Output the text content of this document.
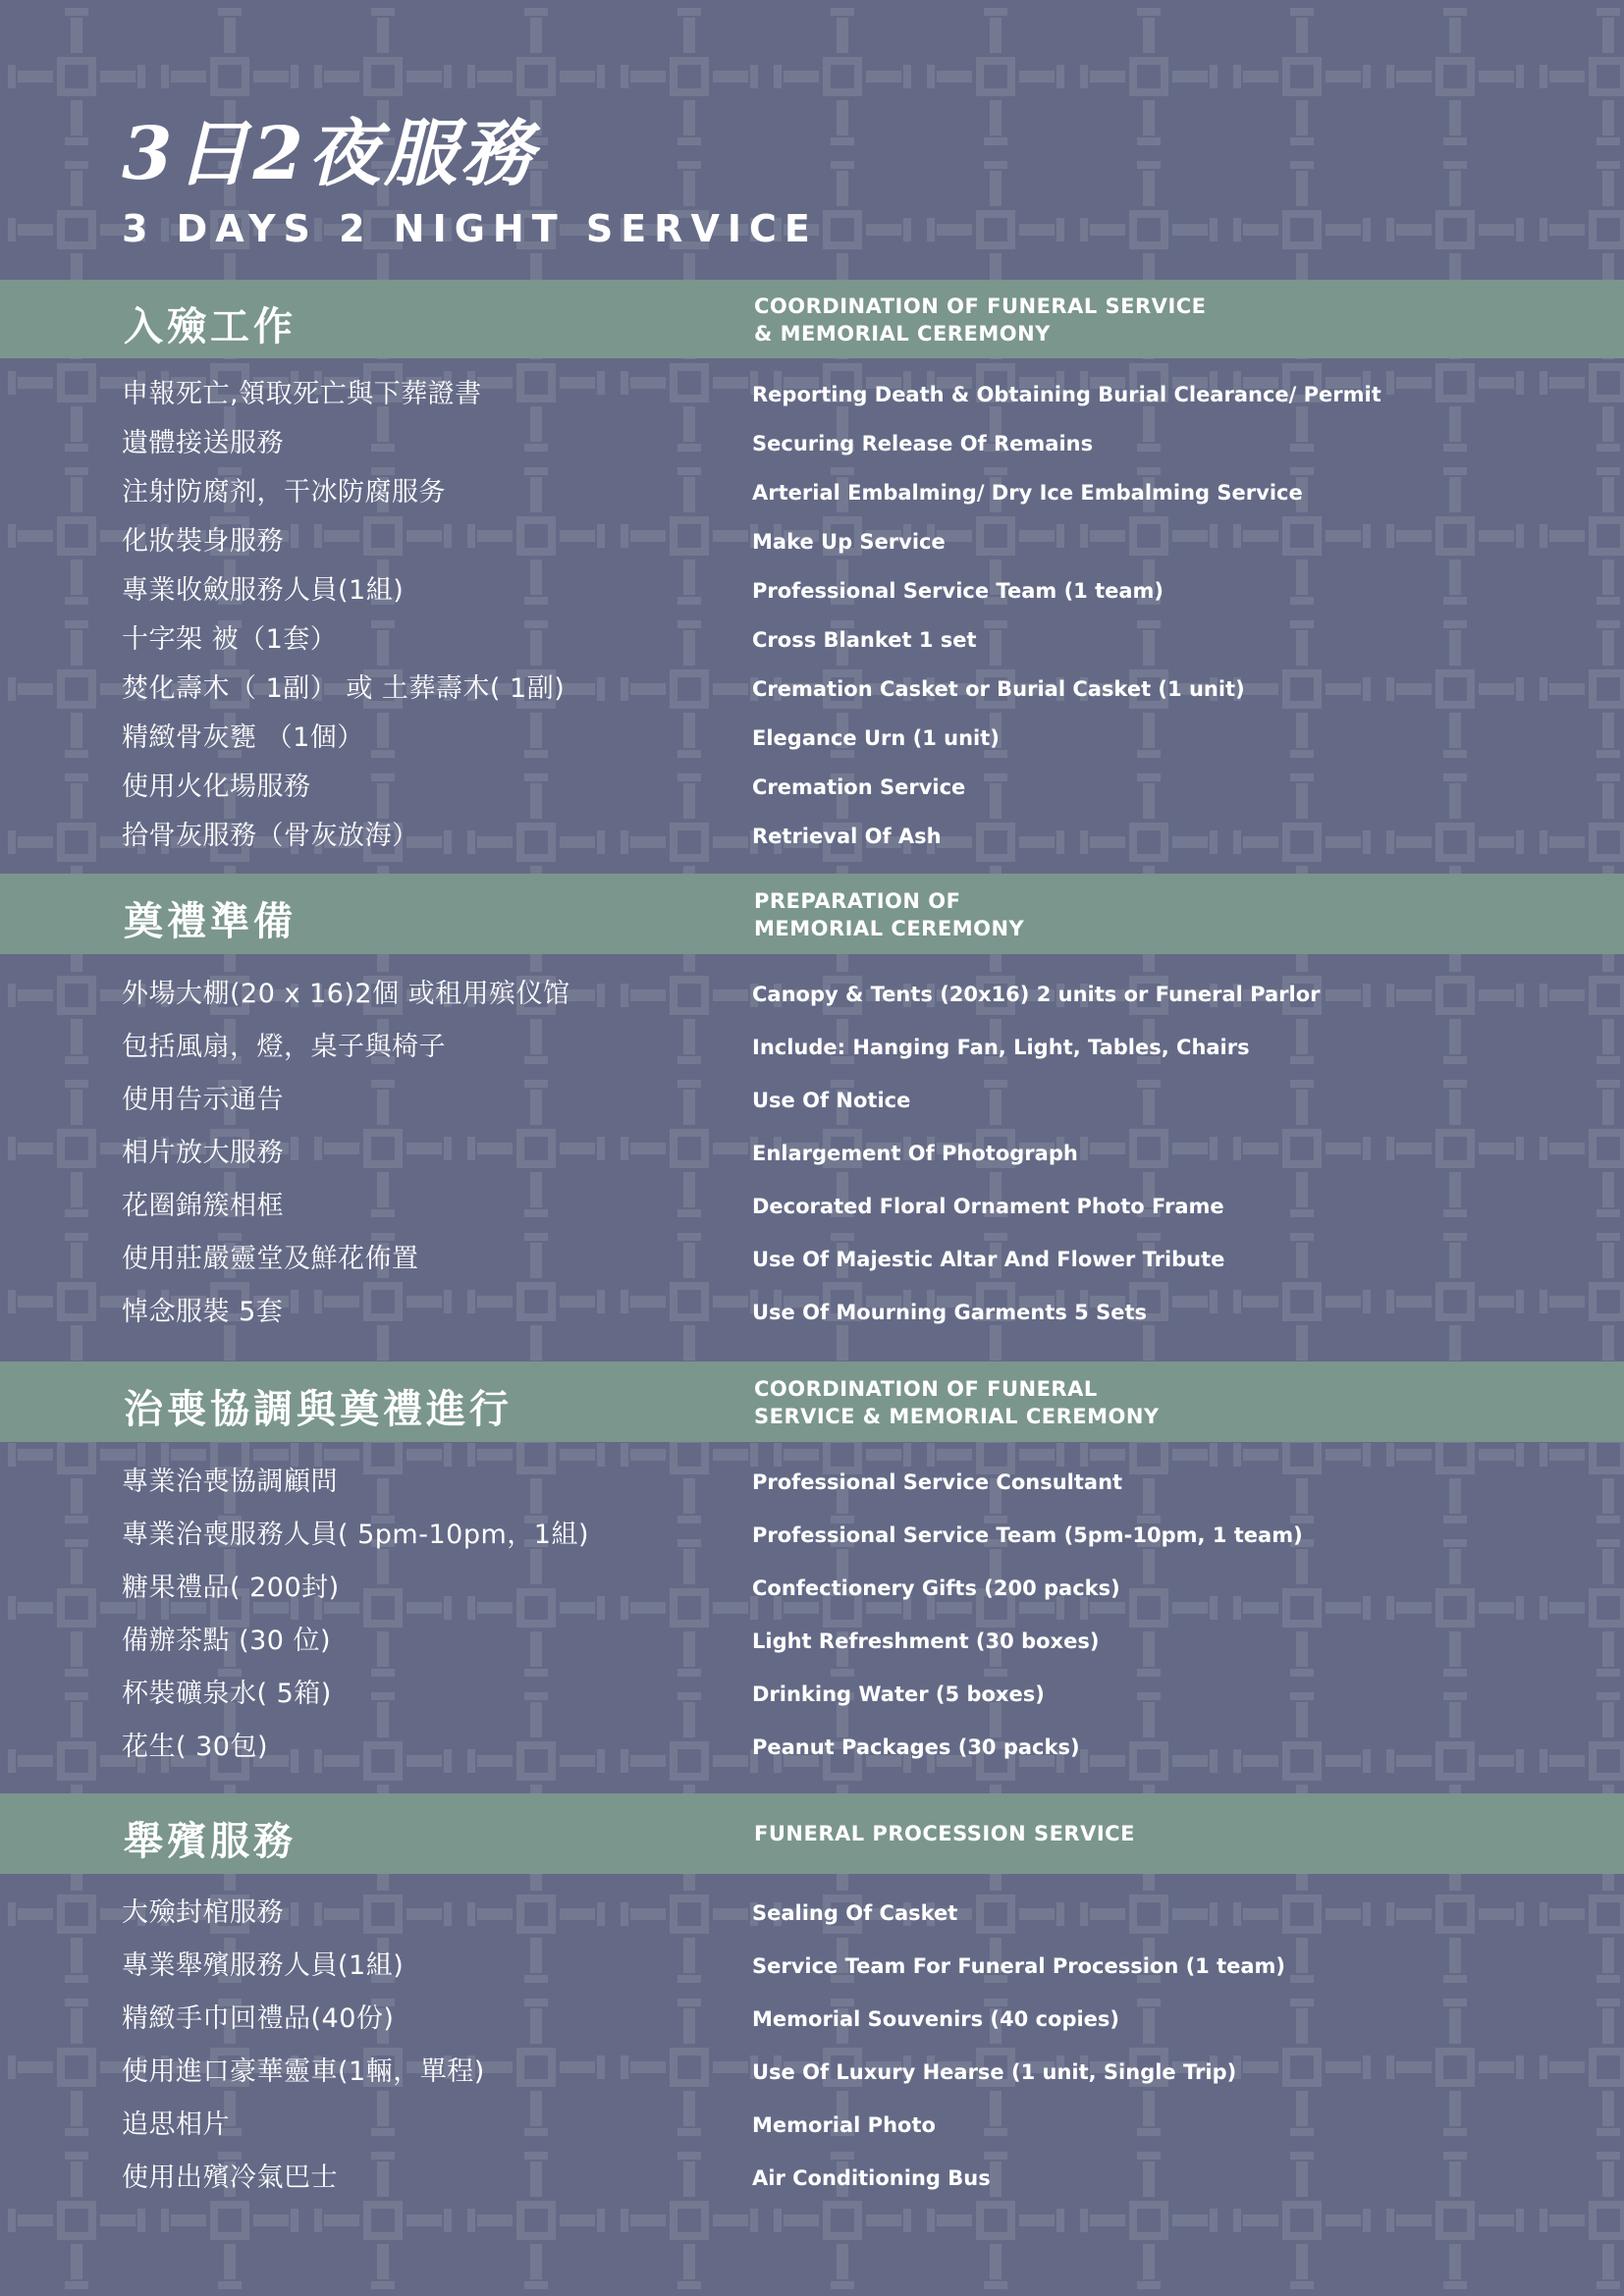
3日2夜服務
3 DAYS 2 NIGHT SERVICE
入殮工作	COORDINATION OF FUNERAL SERVICE
& MEMORIAL CEREMONY
申報死亡,領取死亡與下葬證書	Reporting Death & Obtaining Burial Clearance/ Permit
遺體接送服務	Securing Release Of Remains
注射防腐剂，干冰防腐服务	Arterial Embalming/ Dry Ice Embalming Service
化妝裝身服務	Make Up Service
專業收斂服務人員(1組)	Professional Service Team (1 team)
十字架 被（1套）	Cross Blanket 1 set
焚化壽木（ 1副） 或 土葬壽木( 1副)	Cremation Casket or Burial Casket (1 unit)
精緻骨灰甕 （1個）	Elegance Urn (1 unit)
使用火化場服務	Cremation Service
拾骨灰服務（骨灰放海）	Retrieval Of Ash
奠禮準備	PREPARATION OF
MEMORIAL CEREMONY
外場大棚(20 x 16)2個 或租用殡仪馆	Canopy & Tents (20x16) 2 units or Funeral Parlor
包括風扇，燈，桌子與椅子	Include: Hanging Fan, Light, Tables, Chairs
使用告示通告	Use Of Notice
相片放大服務	Enlargement Of Photograph
花圈錦簇相框	Decorated Floral Ornament Photo Frame
使用莊嚴靈堂及鮮花佈置	Use Of Majestic Altar And Flower Tribute
悼念服裝 5套	Use Of Mourning Garments 5 Sets
治喪協調與奠禮進行	COORDINATION OF FUNERAL
SERVICE & MEMORIAL CEREMONY
專業治喪協調顧問	Professional Service Consultant
專業治喪服務人員( 5pm-10pm，1組)	Professional Service Team (5pm-10pm, 1 team)
糖果禮品( 200封)	Confectionery Gifts (200 packs)
備辦茶點 (30 位)	Light Refreshment (30 boxes)
杯裝礦泉水( 5箱)	Drinking Water (5 boxes)
花生( 30包)	Peanut Packages (30 packs)
舉殯服務	FUNERAL PROCESSION SERVICE
大殮封棺服務	Sealing Of Casket
專業舉殯服務人員(1組)	Service Team For Funeral Procession (1 team)
精緻手巾回禮品(40份)	Memorial Souvenirs (40 copies)
使用進口豪華靈車(1輛，單程)	Use Of Luxury Hearse (1 unit, Single Trip)
追思相片	Memorial Photo
使用出殯冷氣巴士	Air Conditioning Bus
